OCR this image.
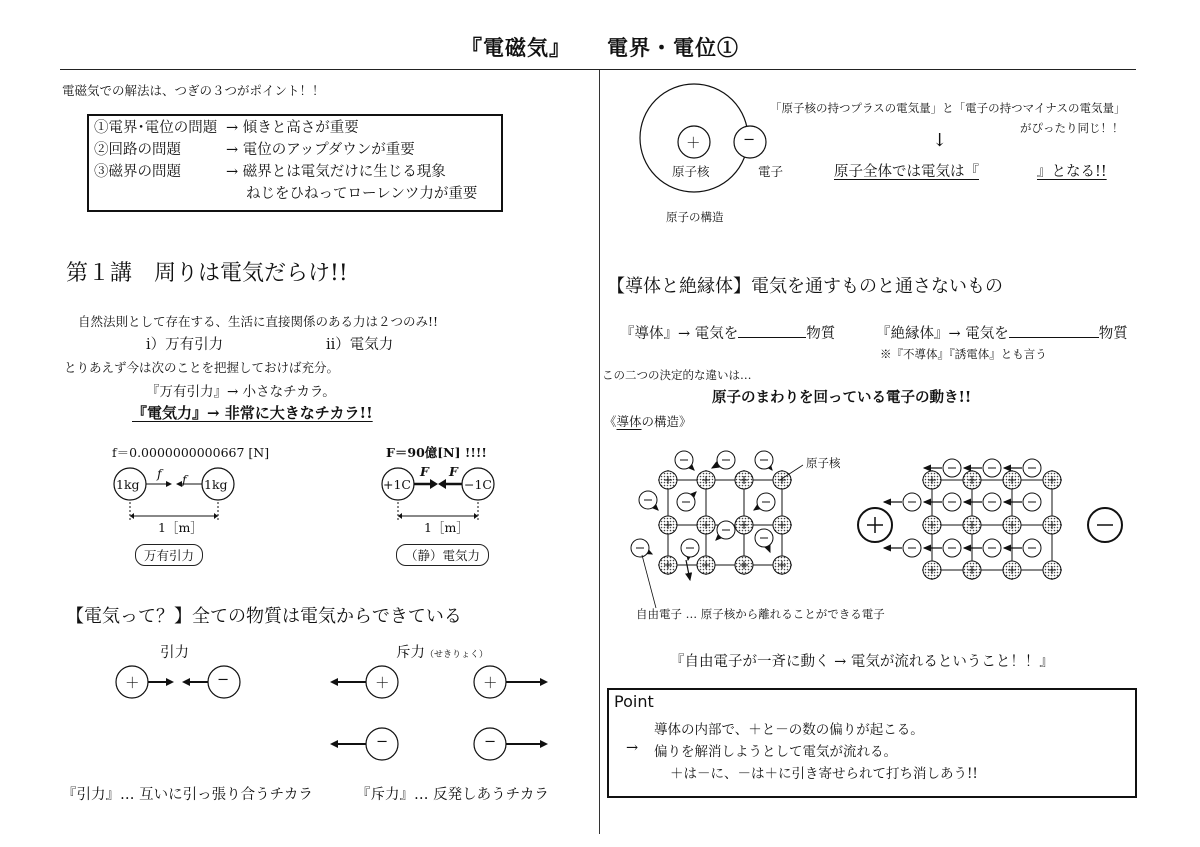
『電磁気』 電界・電位①
電磁気での解法は、つぎの３つがポイント！！
①電界･電位の問題 → 傾きと高さが重要
②回路の問題	→ 電位のアップダウンが重要
③磁界の問題	→ 磁界とは電気だけに生じる現象
ねじをひねってローレンツ力が重要
第１講　周りは電気だらけ!!
自然法則として存在する、生活に直接関係のある力は２つのみ!!
ⅰ）万有引力	ⅱ）電気力
とりあえず今は次のことを把握しておけば充分。
『万有引力』→ 小さなチカラ。
『電気力』→ 非常に大きなチカラ!!
f＝0.0000000000667 [N]
1kg	1kg
f f
1［m］
万有引力
F＝90億[N] !!!!
+1C	−1C
F F
1［m］
（静）電気力
【電気って？】全ての物質は電気からできている
引力	斥力（せきりょく）
＋	−	＋	＋
−	−
『引力』… 互いに引っ張り合うチカラ	『斥力』… 反発しあうチカラ
＋	−
原子核	電子
原子の構造
「原子核の持つプラスの電気量」と「電子の持つマイナスの電気量」
がぴったり同じ！！
↓
原子全体では電気は『	』となる!!
【導体と絶縁体】電気を通すものと通さないもの
『導体』→ 電気を	物質	『絶縁体』→ 電気を	物質
※『不導体』『誘電体』とも言う
この二つの決定的な違いは…
原子のまわりを回っている電子の動き!!
《導体の構造》
原子核
自由電子 … 原子核から離れることができる電子
『自由電子が一斉に動く → 電気が流れるということ！！』
Point
導体の内部で、＋と－の数の偏りが起こる。
→ 偏りを解消しようとして電気が流れる。
＋は－に、－は＋に引き寄せられて打ち消しあう!!
